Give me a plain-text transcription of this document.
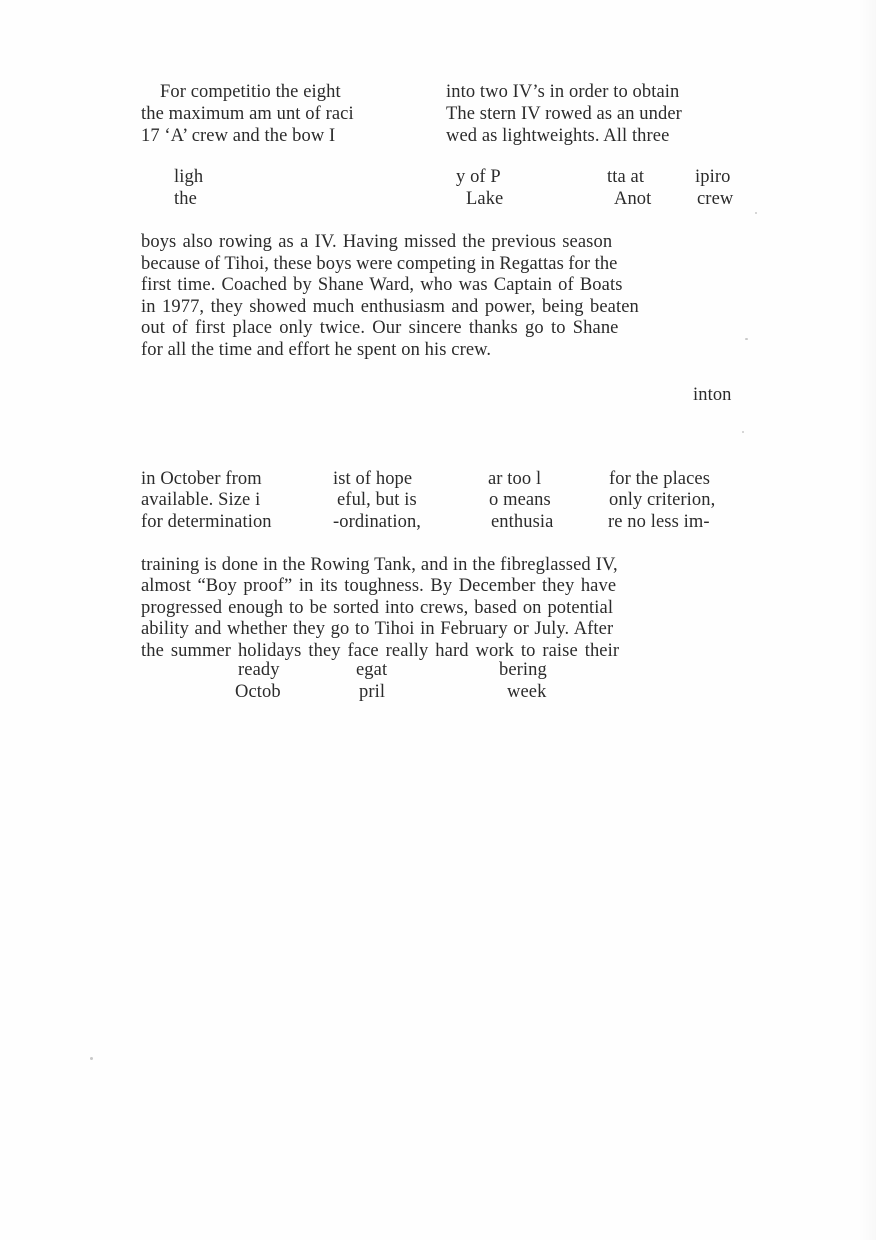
For competitio the eight
the maximum am unt of raci
17 ‘A’ crew and the bow I
into two IV’s in order to obtain
The stern IV rowed as an under
wed as lightweights. All three
ligh	y of P	tta at	ipiro
the	Lake	Anot crew
boys also rowing as a IV. Having missed the previous season
because of Tihoi, these boys were competing in Regattas for the
first time. Coached by Shane Ward, who was Captain of Boats
in 1977, they showed much enthusiasm and power, being beaten
out of first place only twice. Our sincere thanks go to Shane
for all the time and effort he spent on his crew.
inton
in October from	ist of hope	ar too l	for the places
available. Size i	eful, but is	o means	only criterion,
for determination	-ordination,	enthusia	re no less im-
training is done in the Rowing Tank, and in the fibreglassed IV,
almost “Boy proof” in its toughness. By December they have
progressed enough to be sorted into crews, based on potential
ability and whether they go to Tihoi in February or July. After
the summer holidays they face really hard work to raise their
ready	egat	bering
Octob	pril	week
